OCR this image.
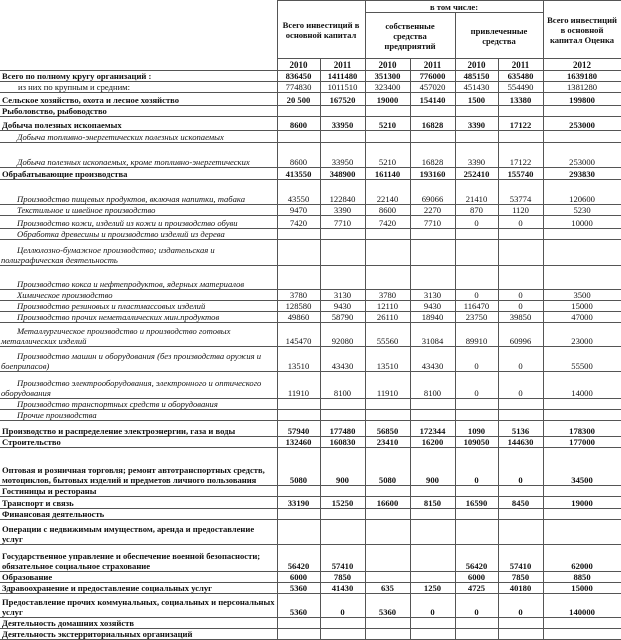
	Всего инвестиций в основной капитал		в том числе:				Всего инвестиций в основной капитал Оценка
			собственные средства предприятий		привлеченные средства		
	2010	2011	2010	2011	2010	2011	2012
Всего по полному кругу организаций :	836450	1411480	351300	776000	485150	635480	1639180
из них по крупным и средним:	774830	1011510	323400	457020	451430	554490	1381280
Сельское хозяйство, охота и лесное хозяйство	20 500	167520	19000	154140	1500	13380	199800
Рыболовство, рыбоводство							
Добыча полезных ископаемых	8600	33950	5210	16828	3390	17122	253000
Добыча топливно-энергетических полезных ископаемых							
Добыча полезных ископаемых, кроме топливно-энергетических	8600	33950	5210	16828	3390	17122	253000
Обрабатывающие производства	413550	348900	161140	193160	252410	155740	293830
Производство пищевых продуктов, включая напитки, табака	43550	122840	22140	69066	21410	53774	120600
Текстильное и швейное производство	9470	3390	8600	2270	870	1120	5230
Производство кожи, изделий из кожи и производство обуви	7420	7710	7420	7710	0	0	10000
Обработка древесины и производство изделий из дерева							
Целлюлозно-бумажное производство; издательская и полиграфическая деятельность							
Производство кокса и нефтепродуктов, ядерных материалов							
Химическое производство	3780	3130	3780	3130	0	0	3500
Производство резиновых и пластмассовых изделий	128580	9430	12110	9430	116470	0	15000
Производство прочих неметаллических мин.продуктов	49860	58790	26110	18940	23750	39850	47000
Металлургическое производство и производство готовых металлических изделий	145470	92080	55560	31084	89910	60996	23000
Производство машин и оборудования (без производства оружия и боеприпасов)	13510	43430	13510	43430	0	0	55500
Производство электрооборудования, электронного и оптического оборудования	11910	8100	11910	8100	0	0	14000
Производство транспортных средств и оборудования							
Прочие производства							
Производство и распределение электроэнергии, газа и воды	57940	177480	56850	172344	1090	5136	178300
Строительство	132460	160830	23410	16200	109050	144630	177000
Оптовая и розничная торговля; ремонт автотранспортных средств, мотоциклов, бытовых изделий и предметов личного пользования	5080	900	5080	900	0	0	34500
Гостиницы и рестораны							
Транспорт и связь	33190	15250	16600	8150	16590	8450	19000
Финансовая деятельность							
Операции с недвижимым имуществом, аренда и предоставление услуг							
Государственное управление и обеспечение военной безопасности; обязательное социальное страхование	56420	57410			56420	57410	62000
Образование	6000	7850			6000	7850	8850
Здравоохранение и предоставление социальных услуг	5360	41430	635	1250	4725	40180	15000
Предоставление прочих коммунальных, социальных и персональных услуг	5360	0	5360	0	0	0	140000
Деятельность домашних хозяйств							
Деятельность экстерриториальных организаций							
